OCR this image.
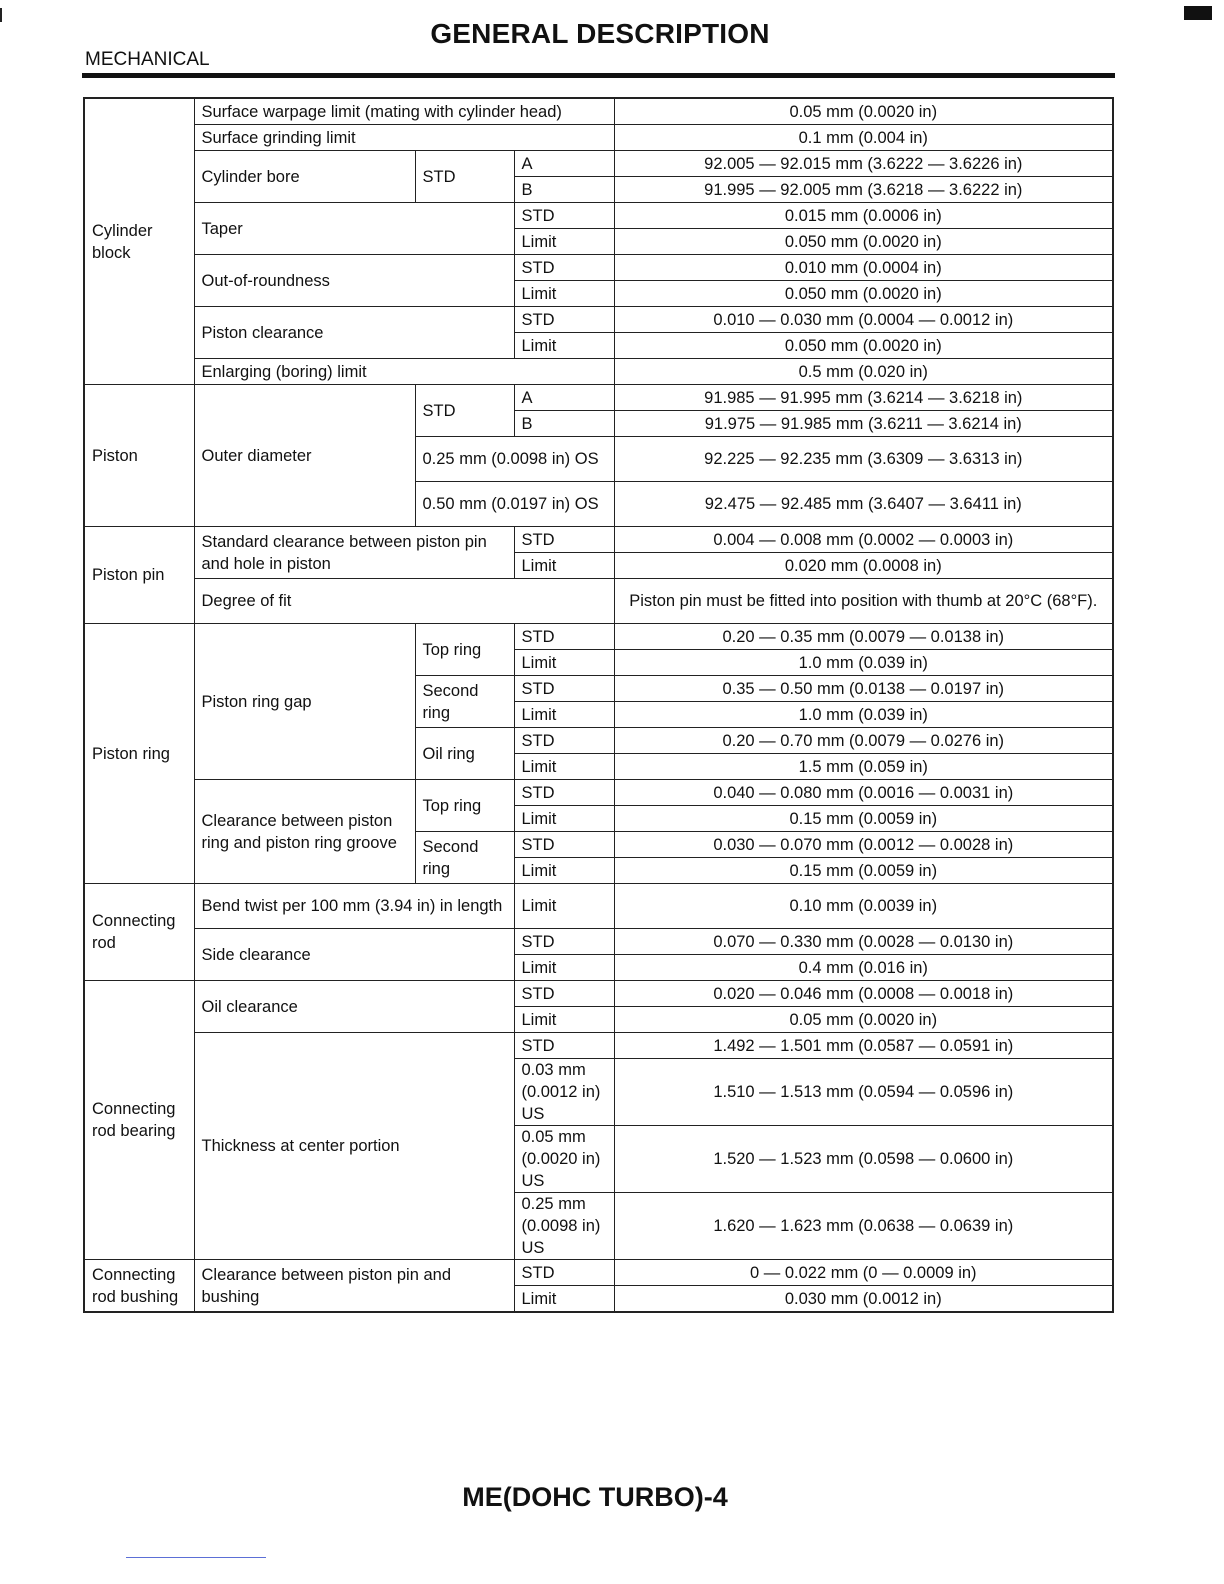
GENERAL DESCRIPTION
MECHANICAL
Cylinder block	Surface warpage limit (mating with cylinder head)			0.05 mm (0.0020 in)
	Surface grinding limit			0.1 mm (0.004 in)
	Cylinder bore	STD	A	92.005 — 92.015 mm (3.6222 — 3.6226 in)
			B	91.995 — 92.005 mm (3.6218 — 3.6222 in)
	Taper		STD	0.015 mm (0.0006 in)
			Limit	0.050 mm (0.0020 in)
	Out-of-roundness		STD	0.010 mm (0.0004 in)
			Limit	0.050 mm (0.0020 in)
	Piston clearance		STD	0.010 — 0.030 mm (0.0004 — 0.0012 in)
			Limit	0.050 mm (0.0020 in)
	Enlarging (boring) limit			0.5 mm (0.020 in)
Piston	Outer diameter	STD	A	91.985 — 91.995 mm (3.6214 — 3.6218 in)
			B	91.975 — 91.985 mm (3.6211 — 3.6214 in)
		0.25 mm (0.0098 in) OS		92.225 — 92.235 mm (3.6309 — 3.6313 in)
		0.50 mm (0.0197 in) OS		92.475 — 92.485 mm (3.6407 — 3.6411 in)
Piston pin	Standard clearance between piston pin and hole in piston		STD	0.004 — 0.008 mm (0.0002 — 0.0003 in)
			Limit	0.020 mm (0.0008 in)
	Degree of fit			Piston pin must be fitted into position with thumb at 20°C (68°F).
Piston ring	Piston ring gap	Top ring	STD	0.20 — 0.35 mm (0.0079 — 0.0138 in)
			Limit	1.0 mm (0.039 in)
		Second ring	STD	0.35 — 0.50 mm (0.0138 — 0.0197 in)
			Limit	1.0 mm (0.039 in)
		Oil ring	STD	0.20 — 0.70 mm (0.0079 — 0.0276 in)
			Limit	1.5 mm (0.059 in)
	Clearance between piston ring and piston ring groove	Top ring	STD	0.040 — 0.080 mm (0.0016 — 0.0031 in)
			Limit	0.15 mm (0.0059 in)
		Second ring	STD	0.030 — 0.070 mm (0.0012 — 0.0028 in)
			Limit	0.15 mm (0.0059 in)
Connecting rod	Bend twist per 100 mm (3.94 in) in length		Limit	0.10 mm (0.0039 in)
	Side clearance		STD	0.070 — 0.330 mm (0.0028 — 0.0130 in)
			Limit	0.4 mm (0.016 in)
Connecting rod bearing	Oil clearance		STD	0.020 — 0.046 mm (0.0008 — 0.0018 in)
			Limit	0.05 mm (0.0020 in)
	Thickness at center portion		STD	1.492 — 1.501 mm (0.0587 — 0.0591 in)
			0.03 mm (0.0012 in) US	1.510 — 1.513 mm (0.0594 — 0.0596 in)
			0.05 mm (0.0020 in) US	1.520 — 1.523 mm (0.0598 — 0.0600 in)
			0.25 mm (0.0098 in) US	1.620 — 1.623 mm (0.0638 — 0.0639 in)
Connecting rod bushing	Clearance between piston pin and bushing		STD	0 — 0.022 mm (0 — 0.0009 in)
			Limit	0.030 mm (0.0012 in)
ME(DOHC TURBO)-4
